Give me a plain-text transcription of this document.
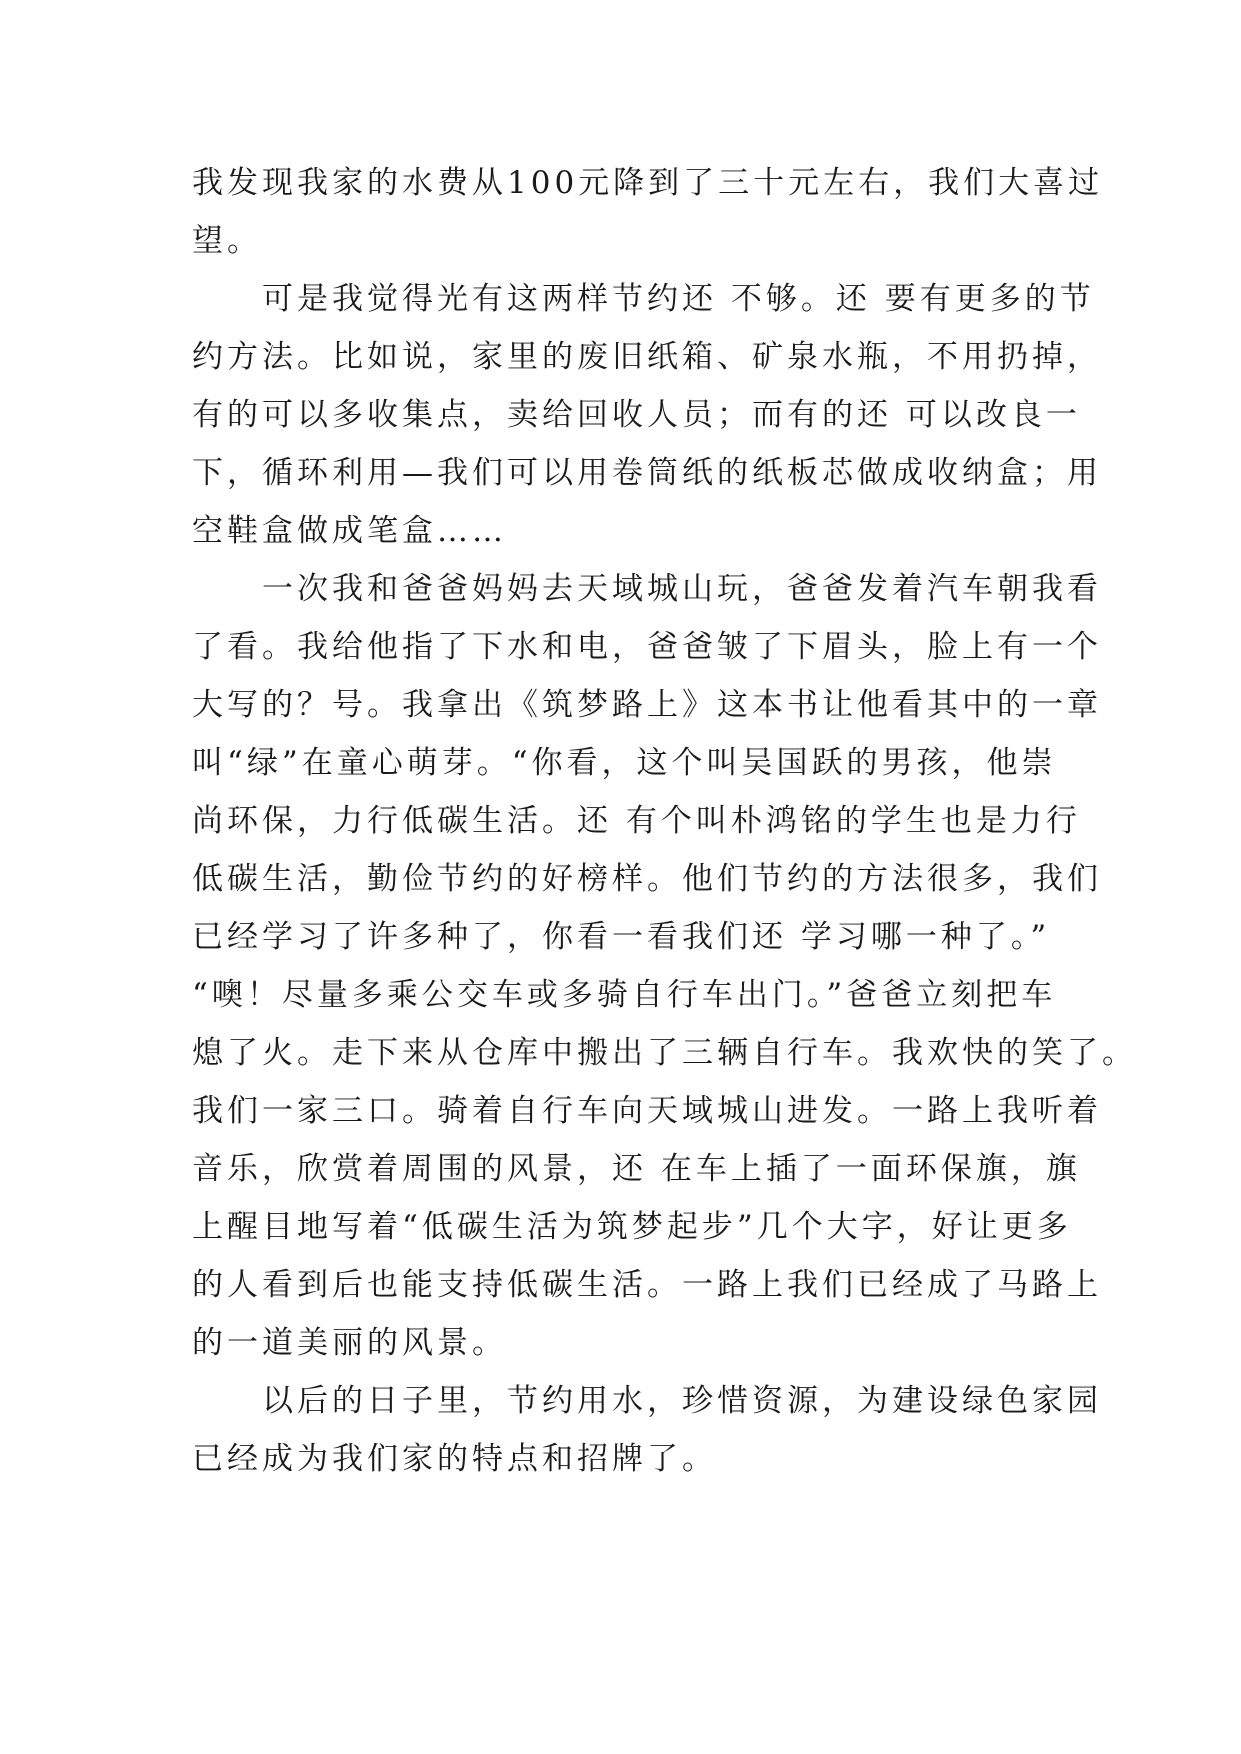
我发现我家的水费从100元降到了三十元左右，我们大喜过
望。
　　可是我觉得光有这两样节约还 不够。还 要有更多的节
约方法。比如说，家里的废旧纸箱、矿泉水瓶，不用扔掉，
有的可以多收集点，卖给回收人员；而有的还 可以改良一
下，循环利用—我们可以用卷筒纸的纸板芯做成收纳盒；用
空鞋盒做成笔盒……
　　一次我和爸爸妈妈去天域城山玩，爸爸发着汽车朝我看
了看。我给他指了下水和电，爸爸皱了下眉头，脸上有一个
大写的？号。我拿出《筑梦路上》这本书让他看其中的一章
叫“绿”在童心萌芽。“你看，这个叫吴国跃的男孩，他崇
尚环保，力行低碳生活。还 有个叫朴鸿铭的学生也是力行
低碳生活，勤俭节约的好榜样。他们节约的方法很多，我们
已经学习了许多种了，你看一看我们还 学习哪一种了。”
“噢！尽量多乘公交车或多骑自行车出门。”爸爸立刻把车
熄了火。走下来从仓库中搬出了三辆自行车。我欢快的笑了。
我们一家三口。骑着自行车向天域城山进发。一路上我听着
音乐，欣赏着周围的风景，还 在车上插了一面环保旗，旗
上醒目地写着“低碳生活为筑梦起步”几个大字，好让更多
的人看到后也能支持低碳生活。一路上我们已经成了马路上
的一道美丽的风景。
　　以后的日子里，节约用水，珍惜资源，为建设绿色家园
已经成为我们家的特点和招牌了。
